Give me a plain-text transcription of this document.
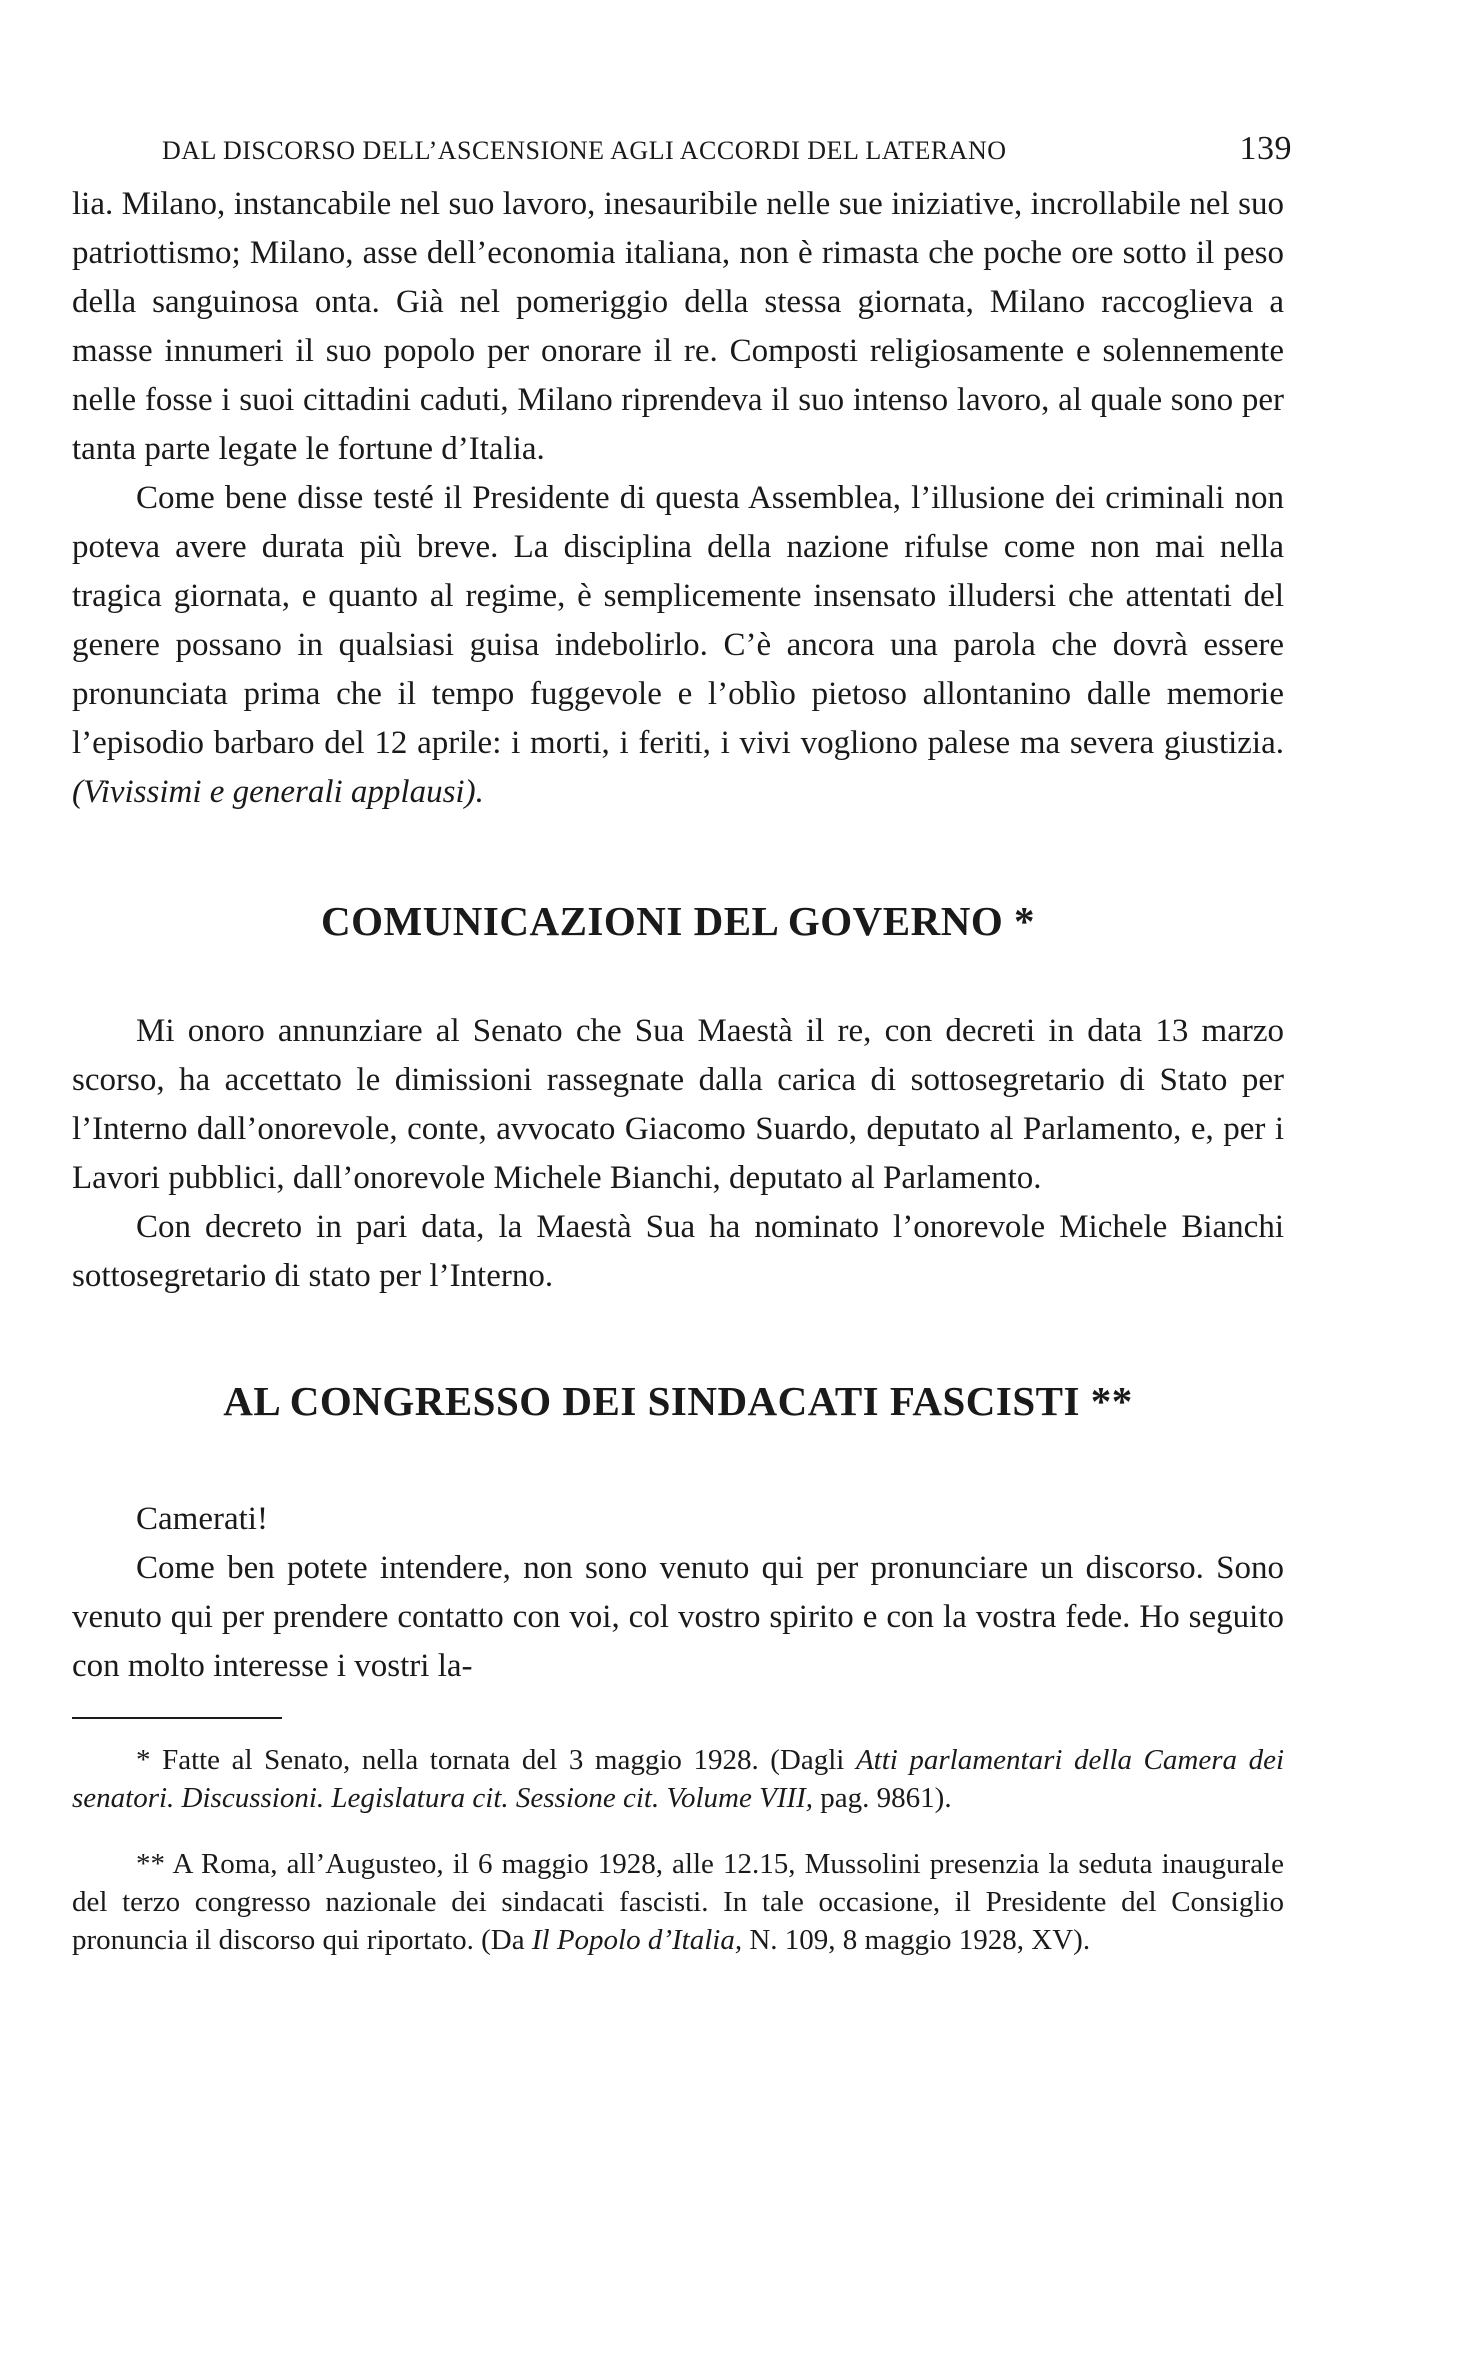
DAL DISCORSO DELL’ASCENSIONE AGLI ACCORDI DEL LATERANO	139

lia. Milano, instancabile nel suo lavoro, inesauribile nelle sue iniziative, incrollabile nel suo patriottismo; Milano, asse dell’economia italiana, non è rimasta che poche ore sotto il peso della sanguinosa onta. Già nel pomeriggio della stessa giornata, Milano raccoglieva a masse innumeri il suo popolo per onorare il re. Composti religiosamente e solennemente nelle fosse i suoi cittadini caduti, Milano riprendeva il suo intenso lavoro, al quale sono per tanta parte legate le fortune d’Italia.

Come bene disse testé il Presidente di questa Assemblea, l’illusione dei criminali non poteva avere durata più breve. La disciplina della nazione rifulse come non mai nella tragica giornata, e quanto al regime, è semplicemente insensato illudersi che attentati del genere possano in qualsiasi guisa indebolirlo. C’è ancora una parola che dovrà essere pronunciata prima che il tempo fuggevole e l’oblìo pietoso allontanino dalle memorie l’episodio barbaro del 12 aprile: i morti, i feriti, i vivi vogliono palese ma severa giustizia. (Vivissimi e generali applausi).

COMUNICAZIONI DEL GOVERNO *

Mi onoro annunziare al Senato che Sua Maestà il re, con decreti in data 13 marzo scorso, ha accettato le dimissioni rassegnate dalla carica di sottosegretario di Stato per l’Interno dall’onorevole, conte, avvocato Giacomo Suardo, deputato al Parlamento, e, per i Lavori pubblici, dall’onorevole Michele Bianchi, deputato al Parlamento.

Con decreto in pari data, la Maestà Sua ha nominato l’onorevole Michele Bianchi sottosegretario di stato per l’Interno.

AL CONGRESSO DEI SINDACATI FASCISTI **

Camerati!

Come ben potete intendere, non sono venuto qui per pronunciare un discorso. Sono venuto qui per prendere contatto con voi, col vostro spirito e con la vostra fede. Ho seguito con molto interesse i vostri la-

* Fatte al Senato, nella tornata del 3 maggio 1928. (Dagli Atti parlamentari della Camera dei senatori. Discussioni. Legislatura cit. Sessione cit. Volume VIII, pag. 9861).

** A Roma, all’Augusteo, il 6 maggio 1928, alle 12.15, Mussolini presenzia la seduta inaugurale del terzo congresso nazionale dei sindacati fascisti. In tale occasione, il Presidente del Consiglio pronuncia il discorso qui riportato. (Da Il Popolo d’Italia, N. 109, 8 maggio 1928, XV).
